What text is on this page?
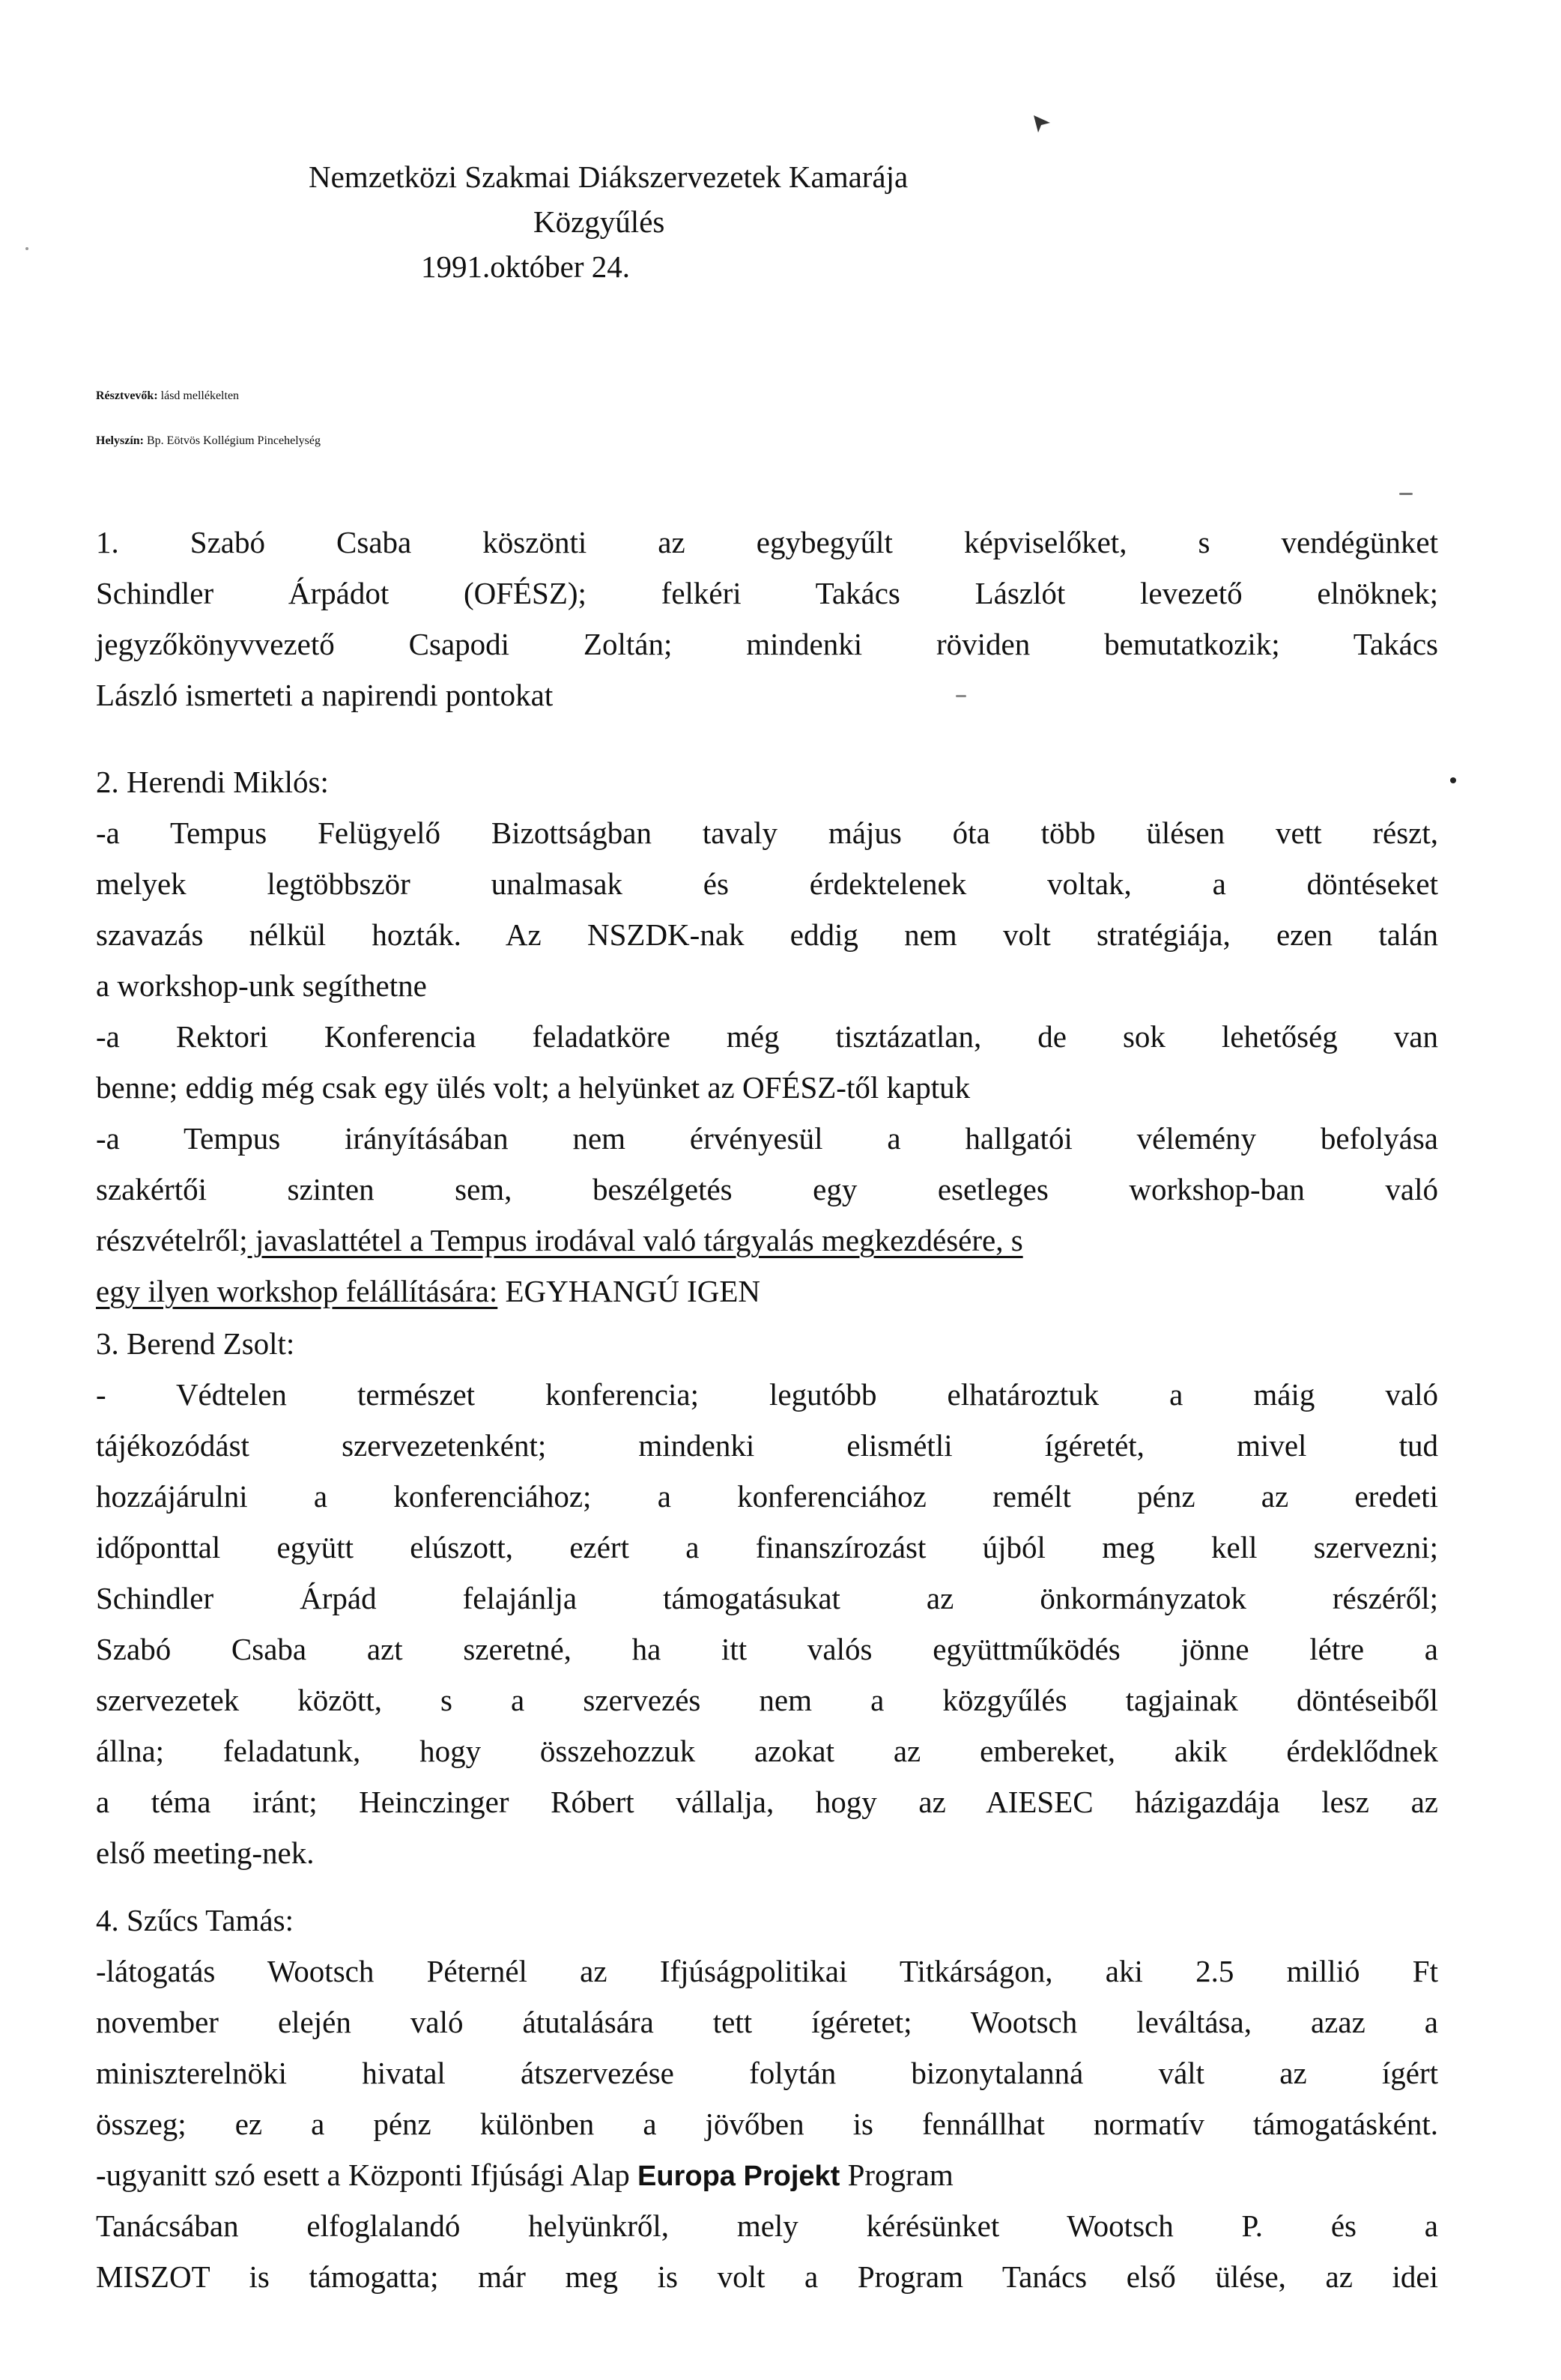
Nemzetközi Szakmai Diákszervezetek Kamarája
Közgyűlés
1991.október 24.
Résztvevők: lásd mellékelten
Helyszín: Bp. Eötvös Kollégium Pincehelység
1. Szabó Csaba köszönti az egybegyűlt képviselőket, s vendégünket
Schindler Árpádot (OFÉSZ); felkéri Takács Lászlót levezető elnöknek;
jegyzőkönyvvezető Csapodi Zoltán; mindenki röviden bemutatkozik; Takács
László ismerteti a napirendi pontokat
2. Herendi Miklós:
-a Tempus Felügyelő Bizottságban tavaly május óta több ülésen vett részt,
melyek legtöbbször unalmasak és érdektelenek voltak, a döntéseket
szavazás nélkül hozták. Az NSZDK-nak eddig nem volt stratégiája, ezen talán
a workshop-unk segíthetne
-a Rektori Konferencia feladatköre még tisztázatlan, de sok lehetőség van
benne; eddig még csak egy ülés volt; a helyünket az OFÉSZ-től kaptuk
-a Tempus irányításában nem érvényesül a hallgatói vélemény befolyása
szakértői szinten sem, beszélgetés egy esetleges workshop-ban való
részvételről; javaslattétel a Tempus irodával való tárgyalás megkezdésére, s
egy ilyen workshop felállítására: EGYHANGÚ IGEN
3. Berend Zsolt:
- Védtelen természet konferencia; legutóbb elhatároztuk a máig való
tájékozódást szervezetenként; mindenki elismétli ígéretét, mivel tud
hozzájárulni a konferenciához; a konferenciához remélt pénz az eredeti
időponttal együtt elúszott, ezért a finanszírozást újból meg kell szervezni;
Schindler Árpád felajánlja támogatásukat az önkormányzatok részéről;
Szabó Csaba azt szeretné, ha itt valós együttműködés jönne létre a
szervezetek között, s a szervezés nem a közgyűlés tagjainak döntéseiből
állna; feladatunk, hogy összehozzuk azokat az embereket, akik érdeklődnek
a téma iránt; Heinczinger Róbert vállalja, hogy az AIESEC házigazdája lesz az
első meeting-nek.
4. Szűcs Tamás:
-látogatás Wootsch Péternél az Ifjúságpolitikai Titkárságon, aki 2.5 millió Ft
november elején való átutalására tett ígéretet; Wootsch leváltása, azaz a
miniszterelnöki hivatal átszervezése folytán bizonytalanná vált az ígért
összeg; ez a pénz különben a jövőben is fennállhat normatív támogatásként.
-ugyanitt szó esett a Központi Ifjúsági Alap Europa Projekt Program
Tanácsában elfoglalandó helyünkről, mely kérésünket Wootsch P. és a
MISZOT is támogatta; már meg is volt a Program Tanács első ülése, az idei
